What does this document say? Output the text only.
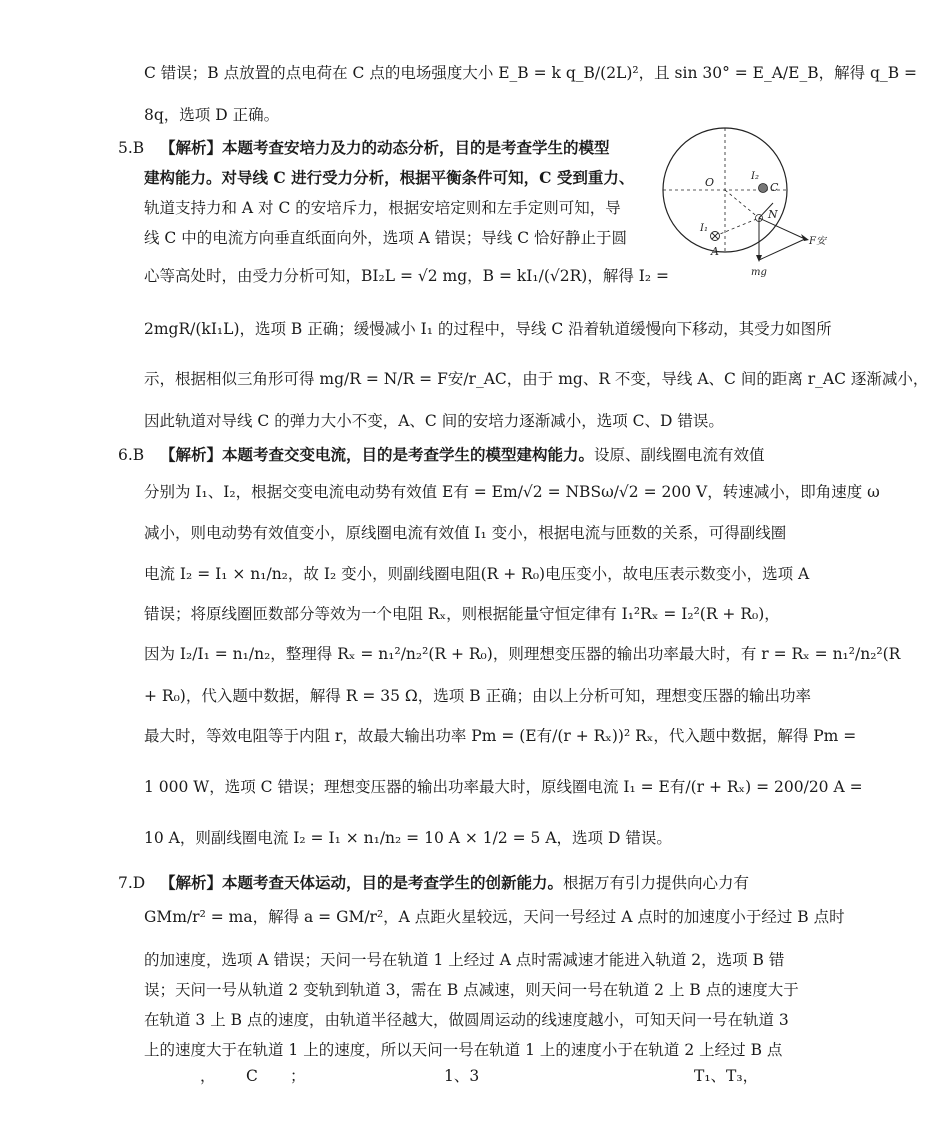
C 错误；B 点放置的点电荷在 C 点的电场强度大小 E_B = k q_B/(2L)²，且 sin 30° = E_A/E_B，解得 q_B =
8q，选项 D 正确。
5.B 【解析】本题考查安培力及力的动态分析，目的是考查学生的模型
建构能力。对导线 C 进行受力分析，根据平衡条件可知，C 受到重力、
轨道支持力和 A 对 C 的安培斥力，根据安培定则和左手定则可知，导
线 C 中的电流方向垂直纸面向外，选项 A 错误；导线 C 恰好静止于圆
心等高处时，由受力分析可知，BI₂L = √2 mg，B = kI₁/(√2R)，解得 I₂ =
2mgR/(kI₁L)，选项 B 正确；缓慢减小 I₁ 的过程中，导线 C 沿着轨道缓慢向下移动，其受力如图所
示，根据相似三角形可得 mg/R = N/R = F安/r_AC，由于 mg、R 不变，导线 A、C 间的距离 r_AC 逐渐减小，
因此轨道对导线 C 的弹力大小不变，A、C 间的安培力逐渐减小，选项 C、D 错误。
O	I₂
C
N
I₁
A
mg
F安
6.B 【解析】本题考查交变电流，目的是考查学生的模型建构能力。设原、副线圈电流有效值
分别为 I₁、I₂，根据交变电流电动势有效值 E有 = Em/√2 = NBSω/√2 = 200 V，转速减小，即角速度 ω
减小，则电动势有效值变小，原线圈电流有效值 I₁ 变小，根据电流与匝数的关系，可得副线圈
电流 I₂ = I₁ × n₁/n₂，故 I₂ 变小，则副线圈电阻(R + R₀)电压变小，故电压表示数变小，选项 A
错误；将原线圈匝数部分等效为一个电阻 Rₓ，则根据能量守恒定律有 I₁²Rₓ = I₂²(R + R₀)，
因为 I₂/I₁ = n₁/n₂，整理得 Rₓ = n₁²/n₂²(R + R₀)，则理想变压器的输出功率最大时，有 r = Rₓ = n₁²/n₂²(R
+ R₀)，代入题中数据，解得 R = 35 Ω，选项 B 正确；由以上分析可知，理想变压器的输出功率
最大时，等效电阻等于内阻 r，故最大输出功率 Pm = (E有/(r + Rₓ))² Rₓ，代入题中数据，解得 Pm =
1 000 W，选项 C 错误；理想变压器的输出功率最大时，原线圈电流 I₁ = E有/(r + Rₓ) = 200/20 A =
10 A，则副线圈电流 I₂ = I₁ × n₁/n₂ = 10 A × 1/2 = 5 A，选项 D 错误。
7.D 【解析】本题考查天体运动，目的是考查学生的创新能力。根据万有引力提供向心力有
GMm/r² = ma，解得 a = GM/r²，A 点距火星较远，天问一号经过 A 点时的加速度小于经过 B 点时
的加速度，选项 A 错误；天问一号在轨道 1 上经过 A 点时需减速才能进入轨道 2，选项 B 错
误；天问一号从轨道 2 变轨到轨道 3，需在 B 点减速，则天问一号在轨道 2 上 B 点的速度大于
在轨道 3 上 B 点的速度，由轨道半径越大，做圆周运动的线速度越小，可知天问一号在轨道 3
上的速度大于在轨道 1 上的速度，所以天问一号在轨道 1 上的速度小于在轨道 2 上经过 B 点
， C ；	1、3	T₁、T₃，
